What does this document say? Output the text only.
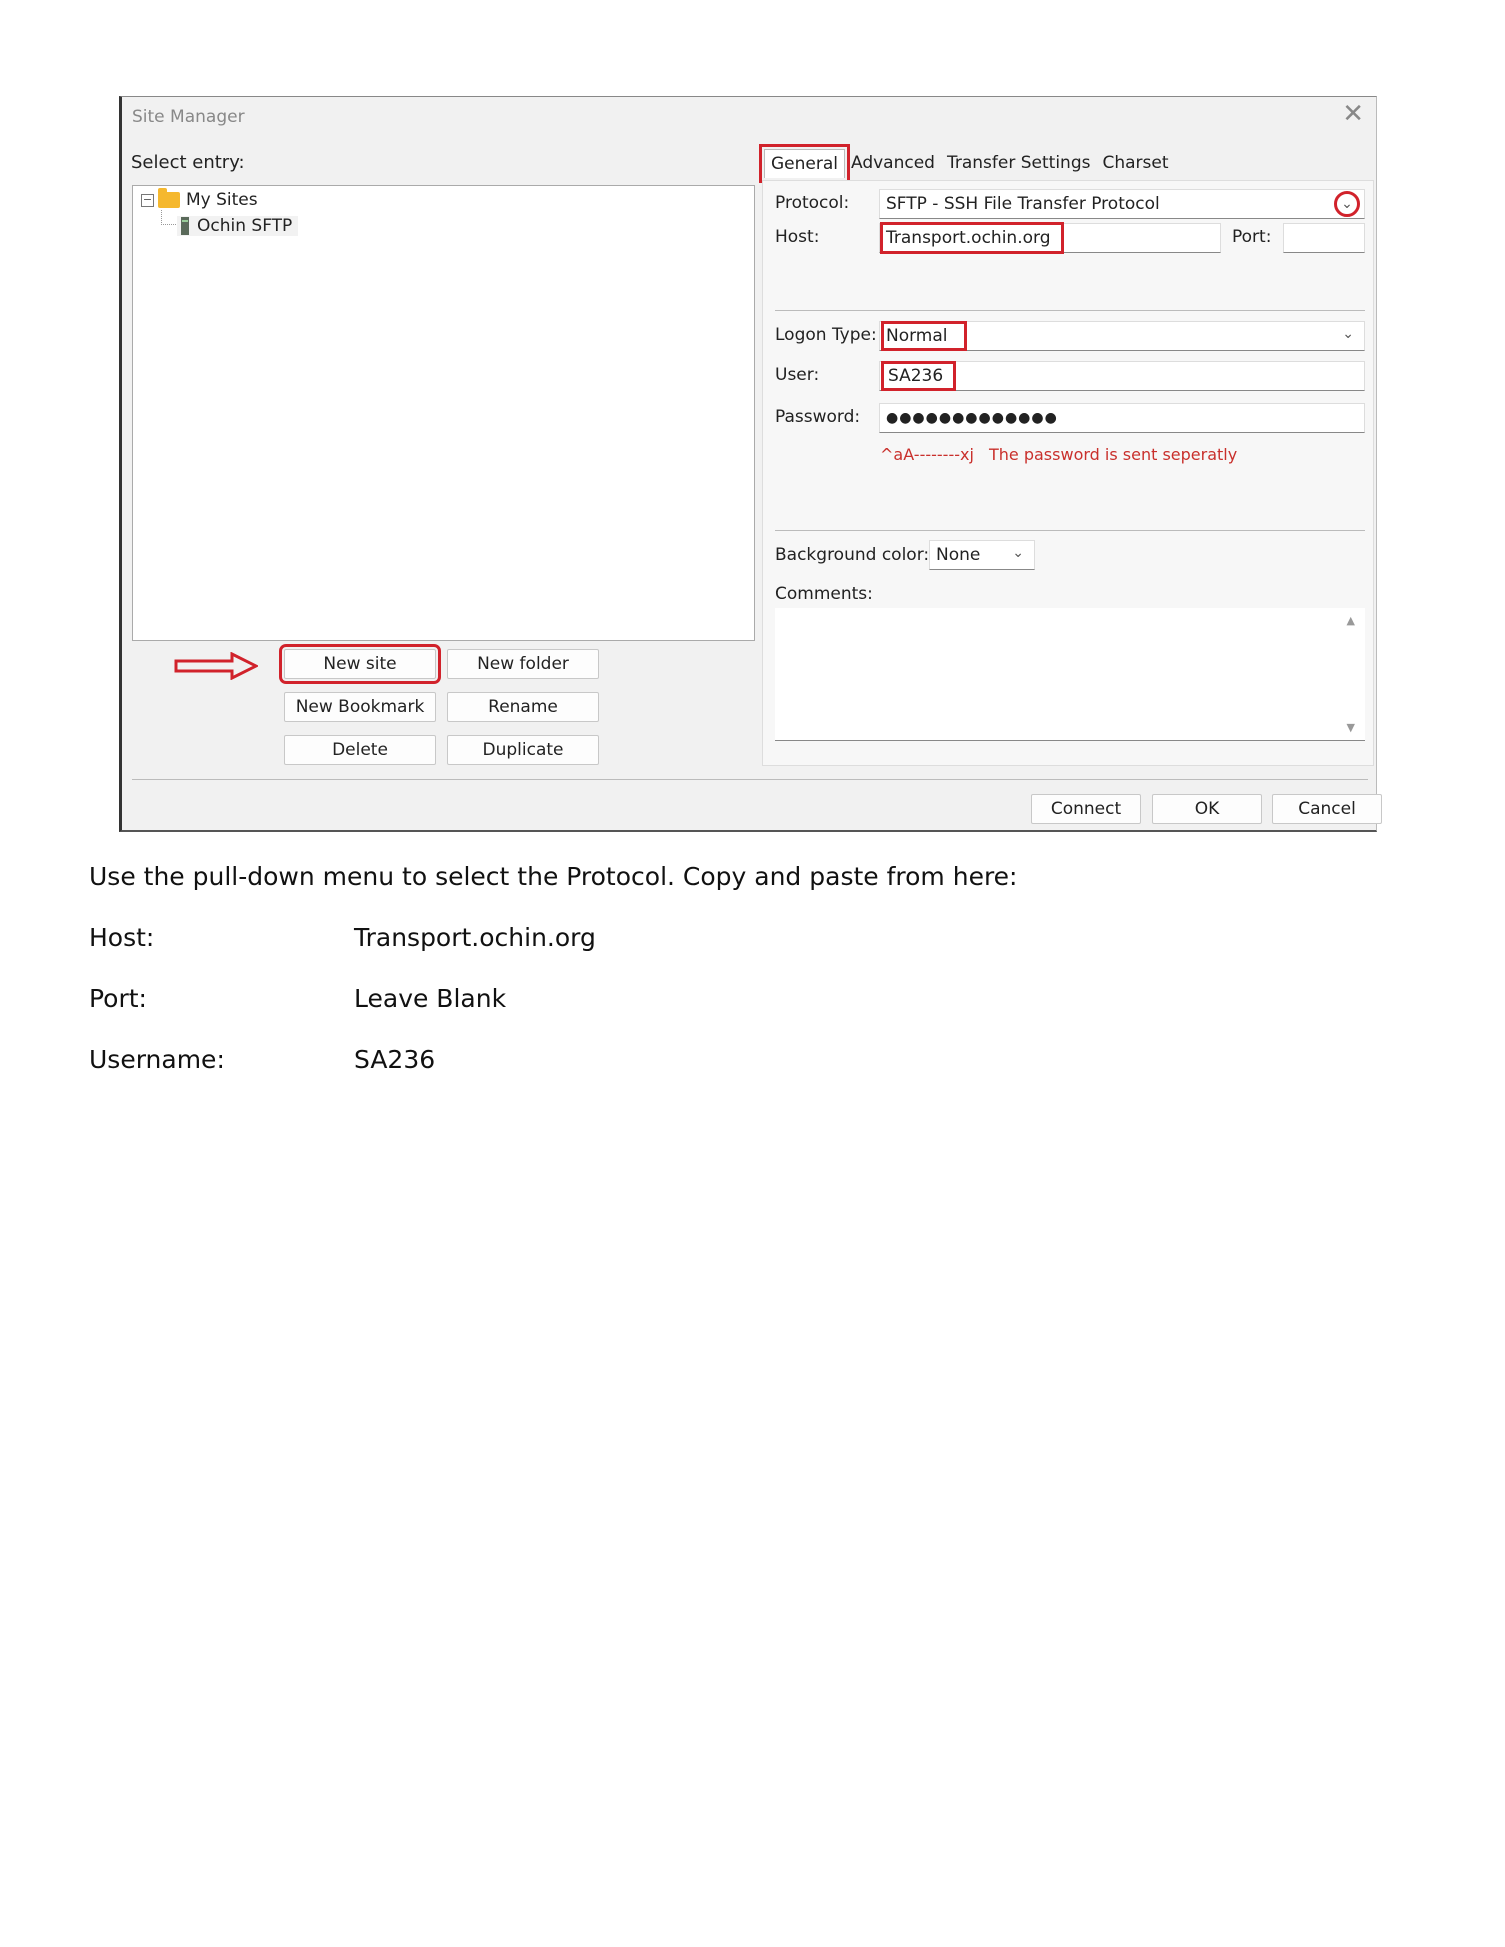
Site Manager	✕
Select entry:
− My Sites
Ochin SFTP
New site	New folder
New Bookmark	Rename
Delete	Duplicate
General Advanced Transfer Settings Charset
Protocol: SFTP - SSH File Transfer Protocol	⌄
Host:	Transport.ochin.org	Port:
Logon Type: Normal	⌄
User:	SA236
Password:	●●●●●●●●●●●●●
^aA--------xj The password is sent seperatly
Background color: None ⌄
Comments:
▲
▼
Connect	OK	Cancel
Use the pull-down menu to select the Protocol. Copy and paste from here:
Host:	Transport.ochin.org
Port:	Leave Blank
Username:	SA236
